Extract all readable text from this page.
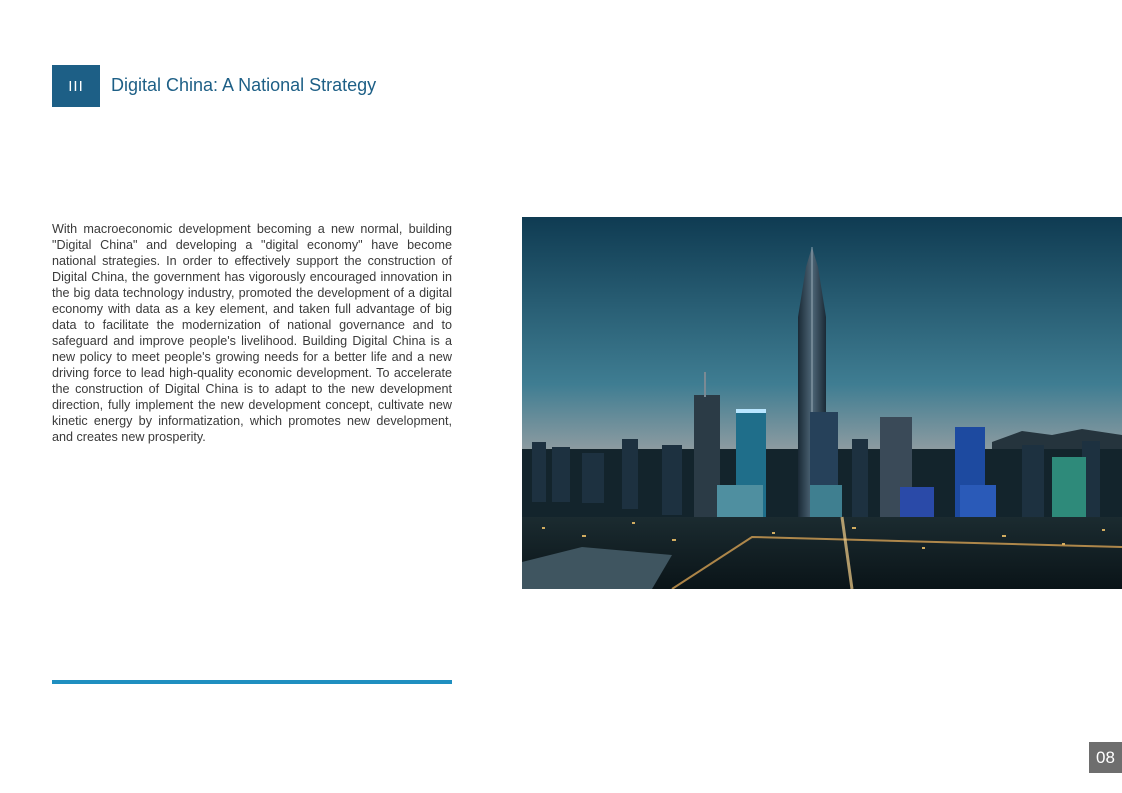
III	Digital China: A National Strategy

With macroeconomic development becoming a new normal, building "Digital China" and developing a "digital economy" have become national strategies. In order to effectively support the construction of Digital China, the government has vigorously encouraged innovation in the big data technology industry, promoted the development of a digital economy with data as a key element, and taken full advantage of big data to facilitate the modernization of national governance and to safeguard and improve people's livelihood. Building Digital China is a new policy to meet people's growing needs for a better life and a new driving force to lead high-quality economic development. To accelerate the construction of Digital China is to adapt to the new development direction, fully implement the new development concept, cultivate new kinetic energy by informatization, which promotes new development, and creates new prosperity.

08
